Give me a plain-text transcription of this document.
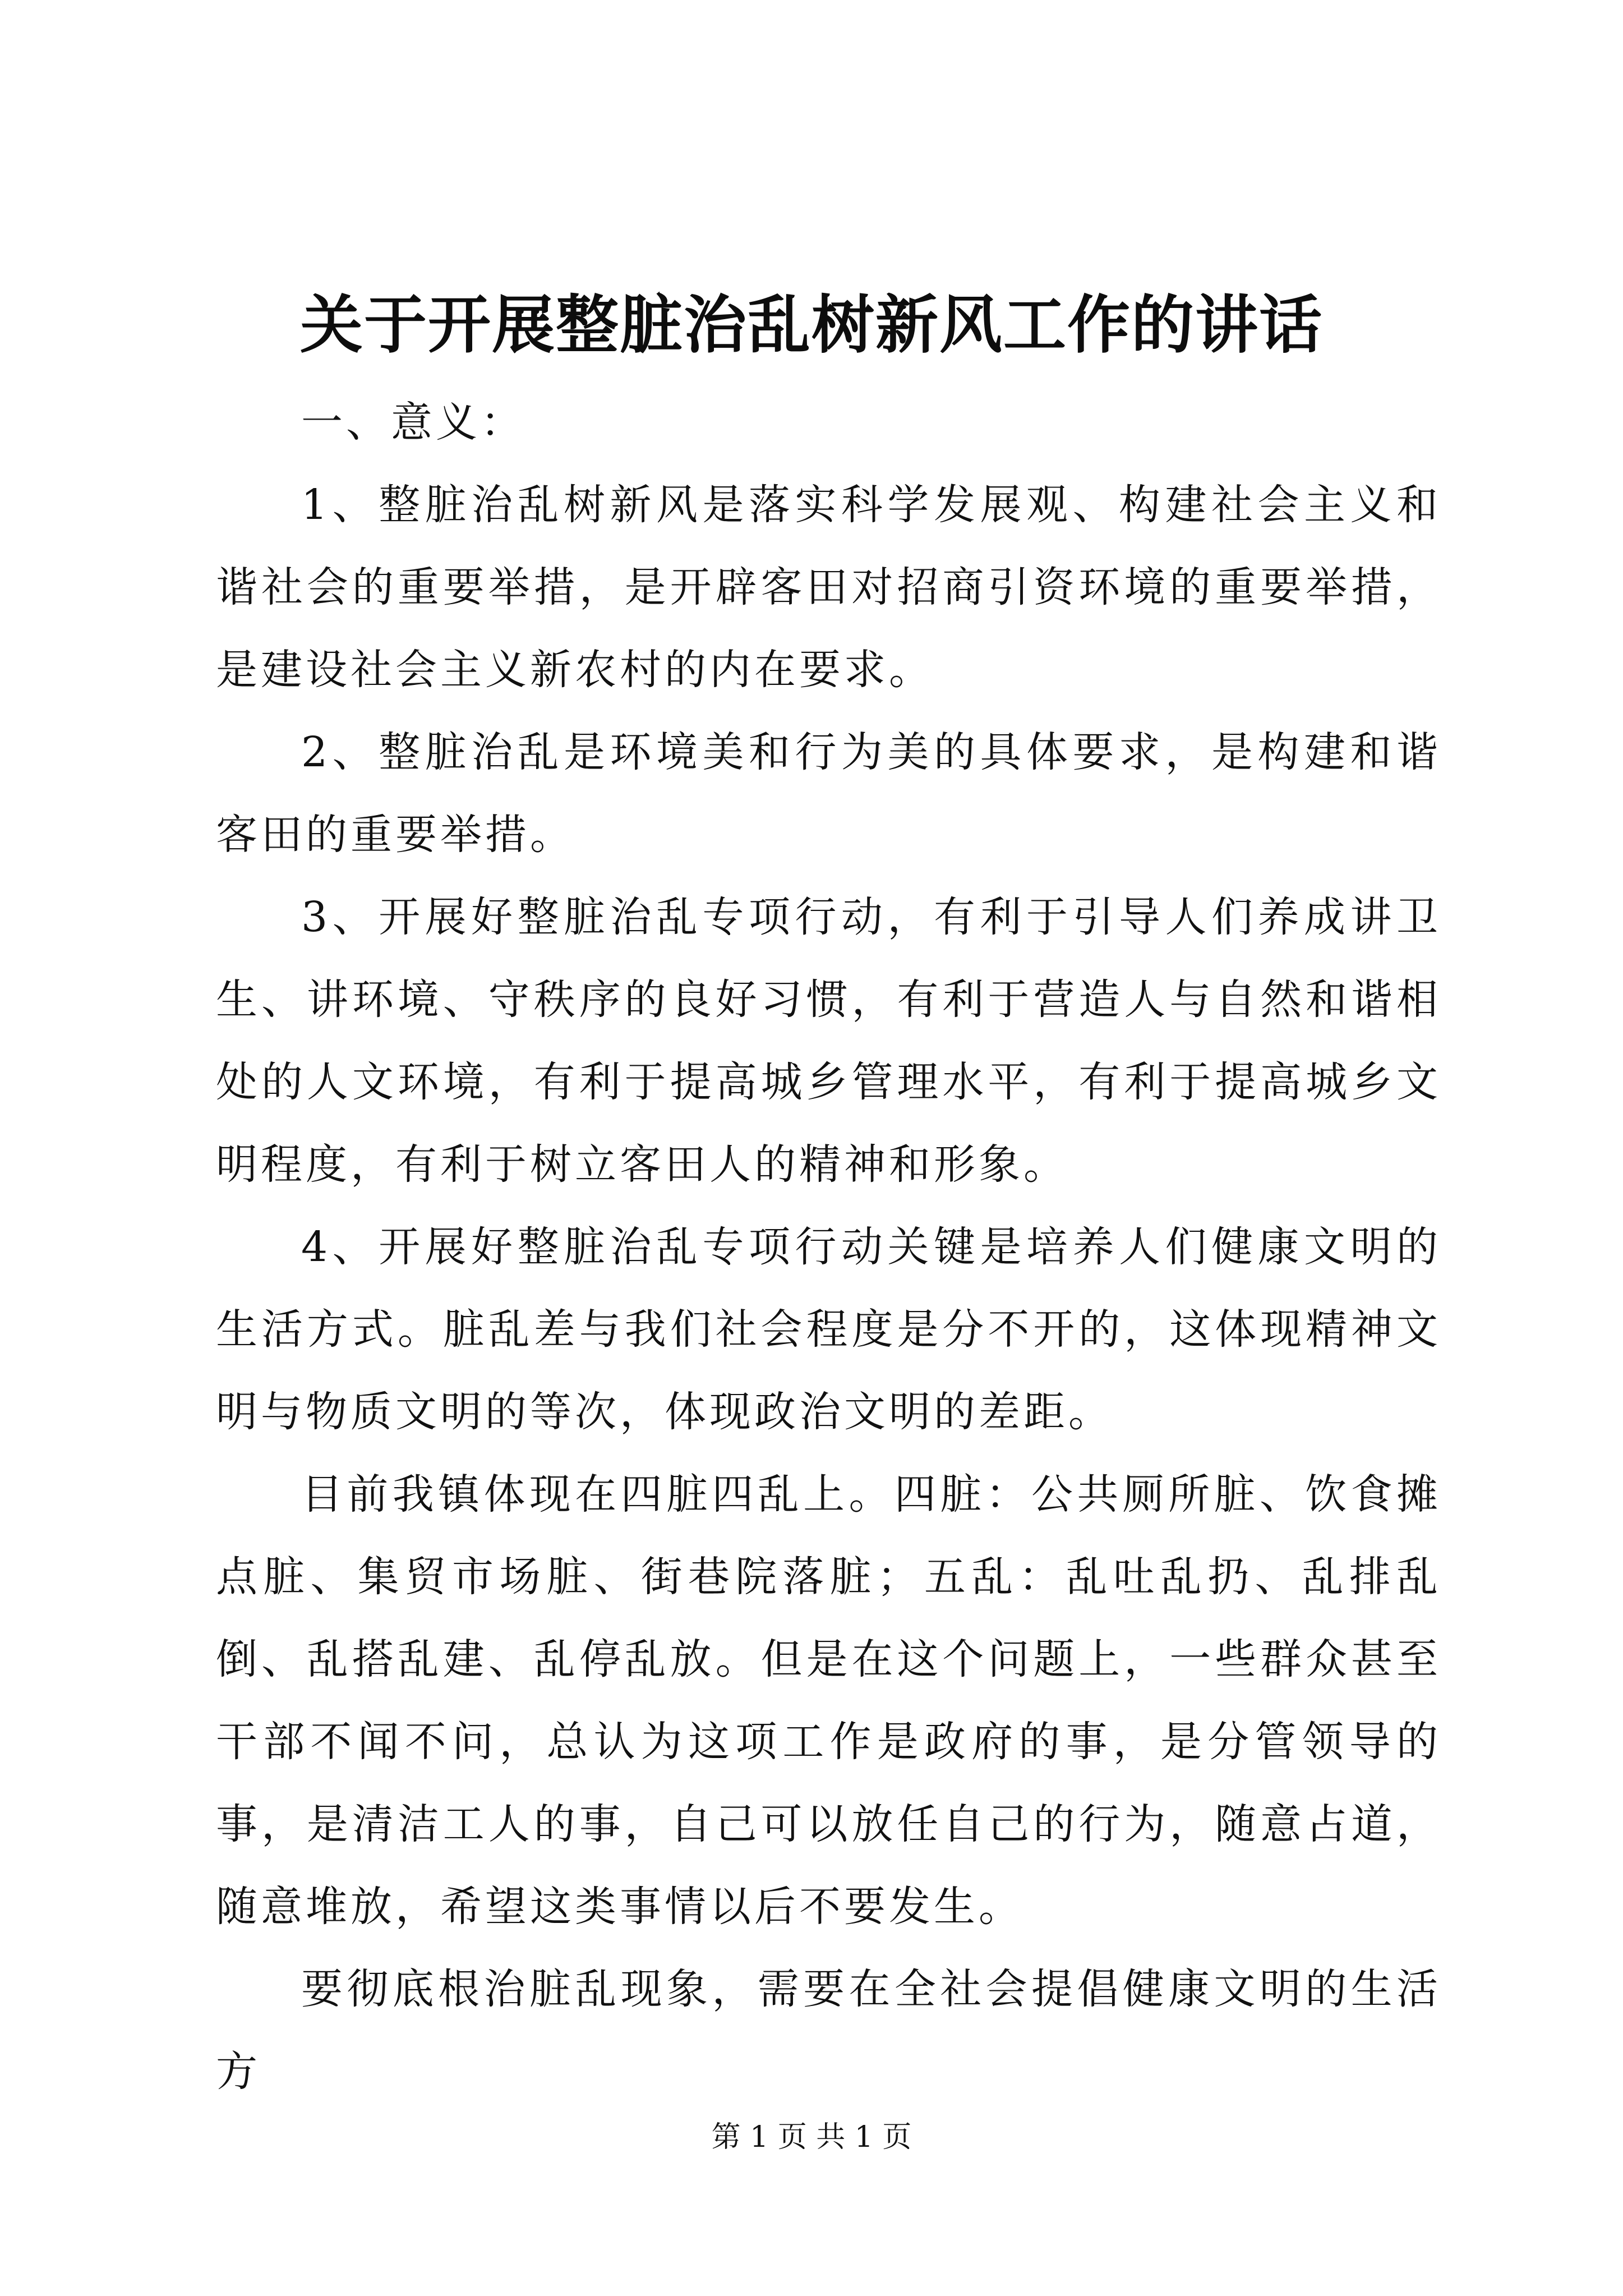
关于开展整脏治乱树新风工作的讲话

一、意义：

1、整脏治乱树新风是落实科学发展观、构建社会主义和谐社会的重要举措，是开辟客田对招商引资环境的重要举措，是建设社会主义新农村的内在要求。

2、整脏治乱是环境美和行为美的具体要求，是构建和谐客田的重要举措。

3、开展好整脏治乱专项行动，有利于引导人们养成讲卫生、讲环境、守秩序的良好习惯，有利于营造人与自然和谐相处的人文环境，有利于提高城乡管理水平，有利于提高城乡文明程度，有利于树立客田人的精神和形象。

4、开展好整脏治乱专项行动关键是培养人们健康文明的生活方式。脏乱差与我们社会程度是分不开的，这体现精神文明与物质文明的等次，体现政治文明的差距。

目前我镇体现在四脏四乱上。四脏：公共厕所脏、饮食摊点脏、集贸市场脏、街巷院落脏；五乱：乱吐乱扔、乱排乱倒、乱搭乱建、乱停乱放。但是在这个问题上，一些群众甚至干部不闻不问，总认为这项工作是政府的事，是分管领导的事，是清洁工人的事，自己可以放任自己的行为，随意占道，随意堆放，希望这类事情以后不要发生。

要彻底根治脏乱现象，需要在全社会提倡健康文明的生活方

第 1 页 共 1 页
